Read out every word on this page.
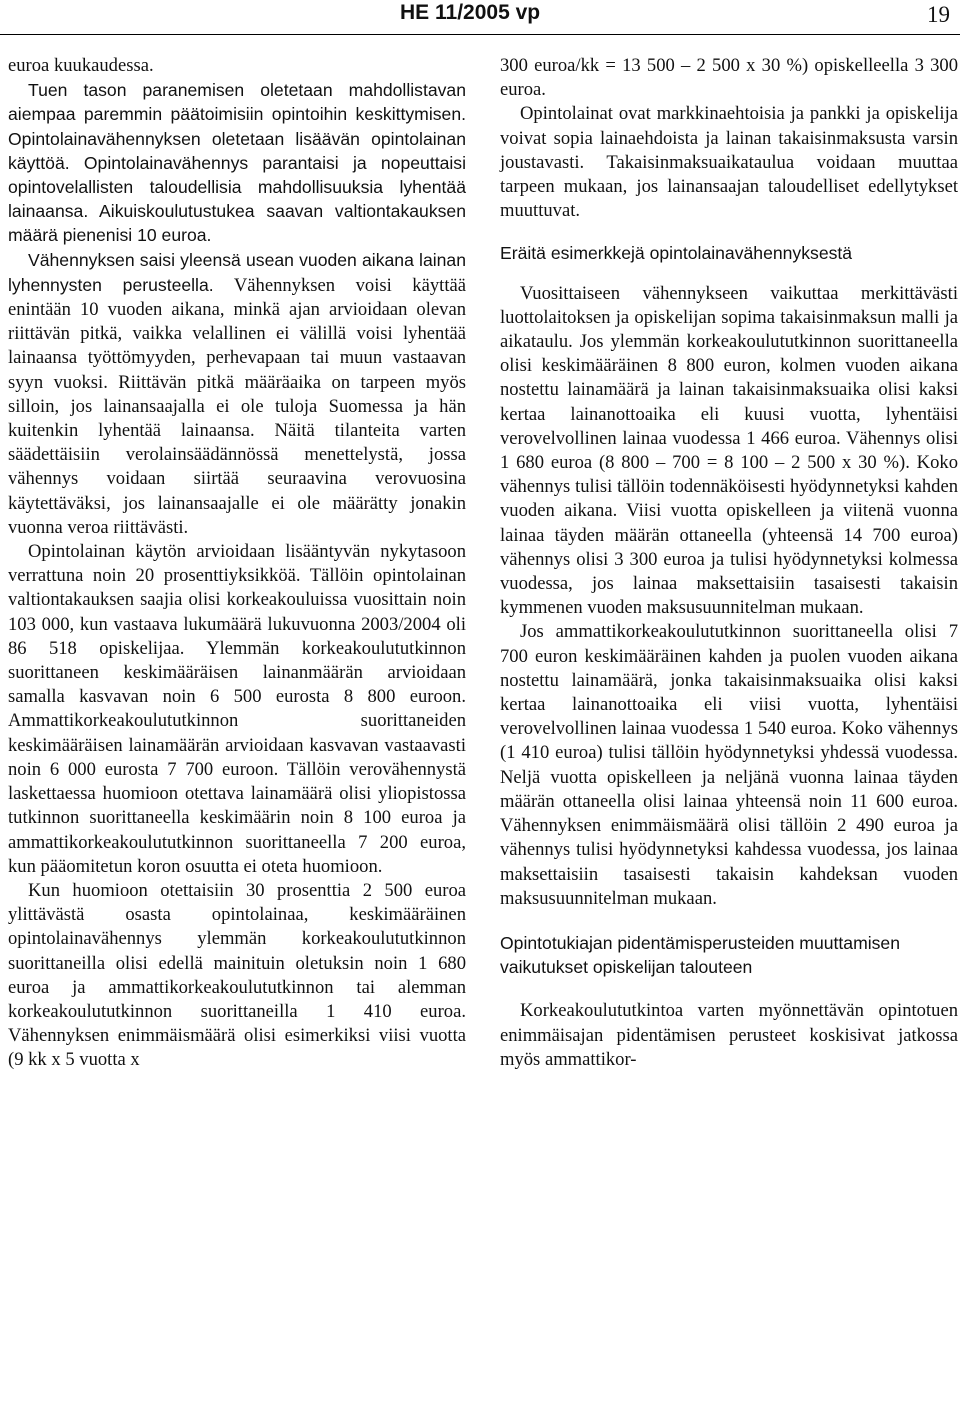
HE 11/2005 vp	19

euroa kuukaudessa.

Tuen tason paranemisen oletetaan mahdollistavan aiempaa paremmin päätoimisiin opintoihin keskittymisen. Opintolainavähennyksen oletetaan lisäävän opintolainan käyttöä. Opintolainavähennys parantaisi ja nopeuttaisi opintovelallisten taloudellisia mahdollisuuksia lyhentää lainaansa. Aikuiskoulutustukea saavan valtiontakauksen määrä pienenisi 10 euroa.

Vähennyksen saisi yleensä usean vuoden aikana lainan lyhennysten perusteella. Vähennyksen voisi käyttää enintään 10 vuoden aikana, minkä ajan arvioidaan olevan riittävän pitkä, vaikka velallinen ei välillä voisi lyhentää lainaansa työttömyyden, perhevapaan tai muun vastaavan syyn vuoksi. Riittävän pitkä määräaika on tarpeen myös silloin, jos lainansaajalla ei ole tuloja Suomessa ja hän kuitenkin lyhentää lainaansa. Näitä tilanteita varten säädettäisiin verolainsäädännössä menettelystä, jossa vähennys voidaan siirtää seuraavina verovuosina käytettäväksi, jos lainansaajalle ei ole määrätty jonakin vuonna veroa riittävästi.

Opintolainan käytön arvioidaan lisääntyvän nykytasoon verrattuna noin 20 prosenttiyksikköä. Tällöin opintolainan valtiontakauksen saajia olisi korkeakouluissa vuosittain noin 103 000, kun vastaava lukumäärä lukuvuonna 2003/2004 oli 86 518 opiskelijaa. Ylemmän korkeakoulututkinnon suorittaneen keskimääräisen lainanmäärän arvioidaan samalla kasvavan noin 6 500 eurosta 8 800 euroon. Ammattikorkeakoulututkinnon suorittaneiden keskimääräisen lainamäärän arvioidaan kasvavan vastaavasti noin 6 000 eurosta 7 700 euroon. Tällöin verovähennystä laskettaessa huomioon otettava lainamäärä olisi yliopistossa tutkinnon suorittaneella keskimäärin noin 8 100 euroa ja ammattikorkeakoulututkinnon suorittaneella 7 200 euroa, kun pääomitetun koron osuutta ei oteta huomioon.

Kun huomioon otettaisiin 30 prosenttia 2 500 euroa ylittävästä osasta opintolainaa, keskimääräinen opintolainavähennys ylemmän korkeakoulututkinnon suorittaneilla olisi edellä mainituin oletuksin noin 1 680 euroa ja ammattikorkeakoulututkinnon tai alemman korkeakoulututkinnon suorittaneilla 1 410 euroa. Vähennyksen enimmäismäärä olisi esimerkiksi viisi vuotta (9 kk x 5 vuotta x

300 euroa/kk = 13 500 – 2 500 x 30 %) opiskelleella 3 300 euroa.

Opintolainat ovat markkinaehtoisia ja pankki ja opiskelija voivat sopia lainaehdoista ja lainan takaisinmaksusta varsin joustavasti. Takaisinmaksuaikataulua voidaan muuttaa tarpeen mukaan, jos lainansaajan taloudelliset edellytykset muuttuvat.

Eräitä esimerkkejä opintolainavähennyksestä

Vuosittaiseen vähennykseen vaikuttaa merkittävästi luottolaitoksen ja opiskelijan sopima takaisinmaksun malli ja aikataulu. Jos ylemmän korkeakoulututkinnon suorittaneella olisi keskimääräinen 8 800 euron, kolmen vuoden aikana nostettu lainamäärä ja lainan takaisinmaksuaika olisi kaksi kertaa lainanottoaika eli kuusi vuotta, lyhentäisi verovelvollinen lainaa vuodessa 1 466 euroa. Vähennys olisi 1 680 euroa (8 800 – 700 = 8 100 – 2 500 x 30 %). Koko vähennys tulisi tällöin todennäköisesti hyödynnetyksi kahden vuoden aikana. Viisi vuotta opiskelleen ja viitenä vuonna lainaa täyden määrän ottaneella (yhteensä 14 700 euroa) vähennys olisi 3 300 euroa ja tulisi hyödynnetyksi kolmessa vuodessa, jos lainaa maksettaisiin tasaisesti takaisin kymmenen vuoden maksusuunnitelman mukaan.

Jos ammattikorkeakoulututkinnon suorittaneella olisi 7 700 euron keskimääräinen kahden ja puolen vuoden aikana nostettu lainamäärä, jonka takaisinmaksuaika olisi kaksi kertaa lainanottoaika eli viisi vuotta, lyhentäisi verovelvollinen lainaa vuodessa 1 540 euroa. Koko vähennys (1 410 euroa) tulisi tällöin hyödynnetyksi yhdessä vuodessa. Neljä vuotta opiskelleen ja neljänä vuonna lainaa täyden määrän ottaneella olisi lainaa yhteensä noin 11 600 euroa. Vähennyksen enimmäismäärä olisi tällöin 2 490 euroa ja vähennys tulisi hyödynnetyksi kahdessa vuodessa, jos lainaa maksettaisiin tasaisesti takaisin kahdeksan vuoden maksusuunnitelman mukaan.

Opintotukiajan pidentämisperusteiden muuttamisen vaikutukset opiskelijan talouteen

Korkeakoulututkintoa varten myönnettävän opintotuen enimmäisajan pidentämisen perusteet koskisivat jatkossa myös ammattikor-
